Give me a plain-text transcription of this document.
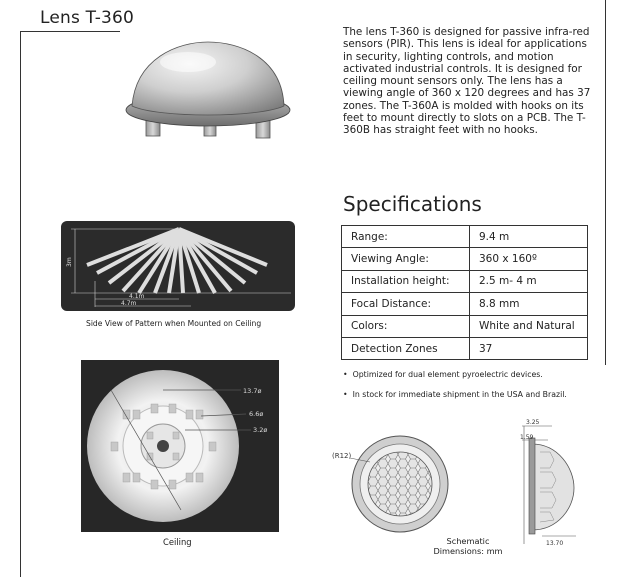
Lens T-360
The lens T-360 is designed for passive infra-red sensors (PIR). This lens is ideal for applications in security, lighting controls, and motion activated industrial controls. It is designed for ceiling mount sensors only. The lens has a viewing angle of 360 x 120 degrees and has 37 zones. The T-360A is molded with hooks on its feet to mount directly to slots on a PCB. The T-360B has straight feet with no hooks.
Specifications
Range:	9.4 m
Viewing Angle:	360 x 160º
Installation height:	2.5 m- 4 m
Focal Distance:	8.8 mm
Colors:	White and Natural
Detection Zones	37
•  Optimized for dual element pyroelectric devices.
•  In stock for immediate shipment in the USA and Brazil.
3m
4.1m
4.7m
Side View of Pattern when Mounted on Ceiling
13.7ø
6.6ø
3.2ø
Ceiling
(R12)
3.25
1.59
13.70
Schematic
Dimensions: mm
